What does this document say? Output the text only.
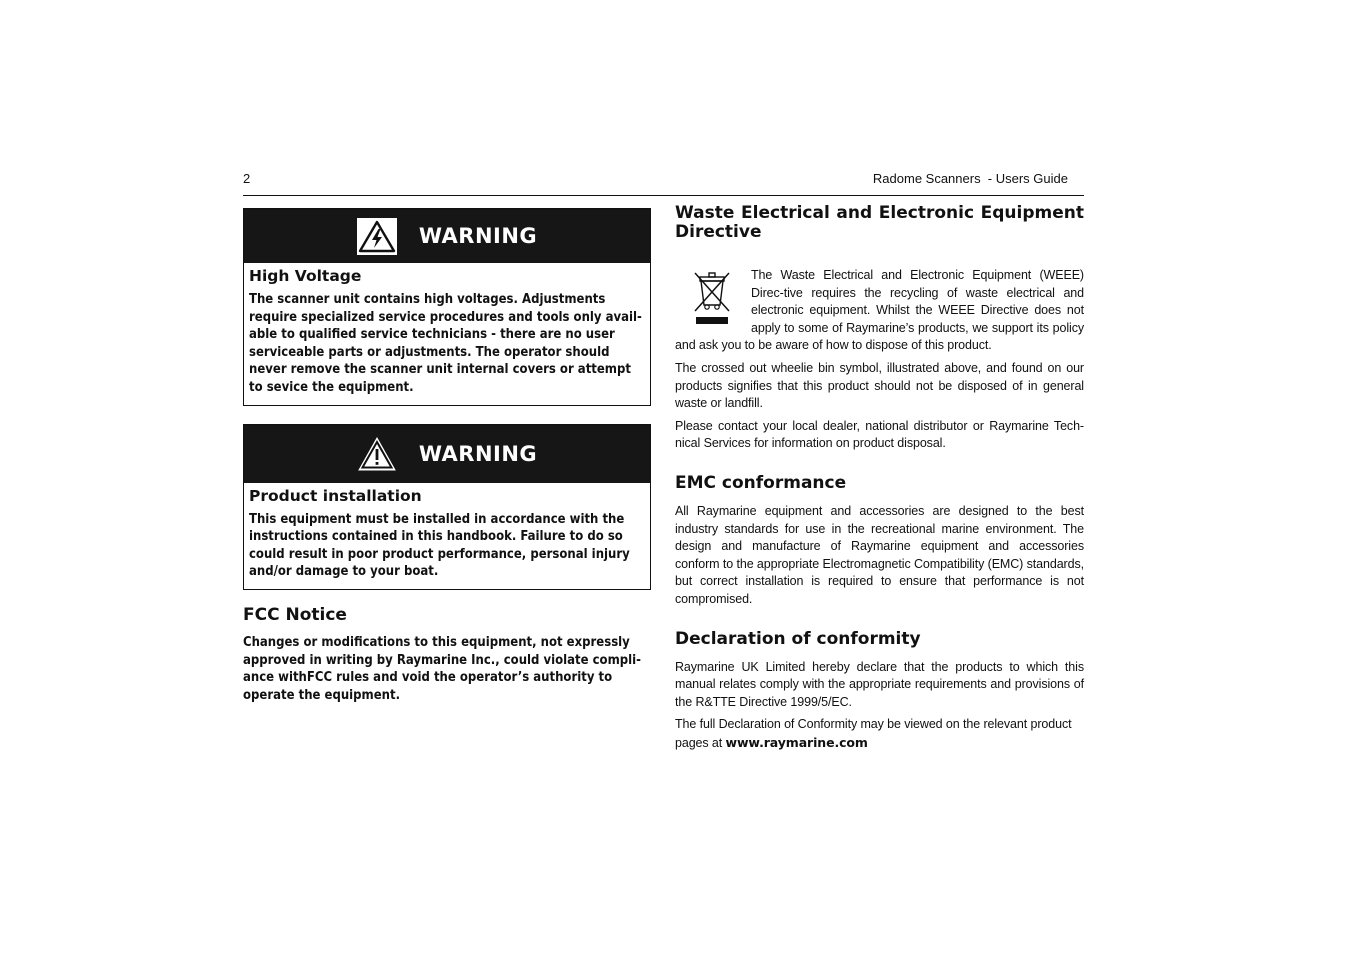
2	Radome Scanners  - Users Guide
WARNING
High Voltage

The scanner unit contains high voltages. Adjustments require specialized service procedures and tools only avail-able to qualified service technicians - there are no user serviceable parts or adjustments. The operator should never remove the scanner unit internal covers or attempt to sevice the equipment.

WARNING
Product installation

This equipment must be installed in accordance with the instructions contained in this handbook. Failure to do so could result in poor product performance, personal injury and/or damage to your boat.

FCC Notice

Changes or modifications to this equipment, not expressly approved in writing by Raymarine Inc., could violate compli-ance withFCC rules and void the operator’s authority to operate the equipment.

Waste Electrical and Electronic Equipment Directive

The Waste Electrical and Electronic Equipment (WEEE) Direc-tive requires the recycling of waste electrical and electronic equipment. Whilst the WEEE Directive does not apply to some of Raymarine’s products, we support its policy and ask you to be aware of how to dispose of this product.

The crossed out wheelie bin symbol, illustrated above, and found on our products signifies that this product should not be disposed of in general waste or landfill.

Please contact your local dealer, national distributor or Raymarine Tech-nical Services for information on product disposal.

EMC conformance

All Raymarine equipment and accessories are designed to the best industry standards for use in the recreational marine environment. The design and manufacture of Raymarine equipment and accessories conform to the appropriate Electromagnetic Compatibility (EMC) standards, but correct installation is required to ensure that performance is not compromised.

Declaration of conformity

Raymarine UK Limited hereby declare that the products to which this manual relates comply with the appropriate requirements and provisions of the R&TTE Directive 1999/5/EC.

The full Declaration of Conformity may be viewed on the relevant product pages at www.raymarine.com
